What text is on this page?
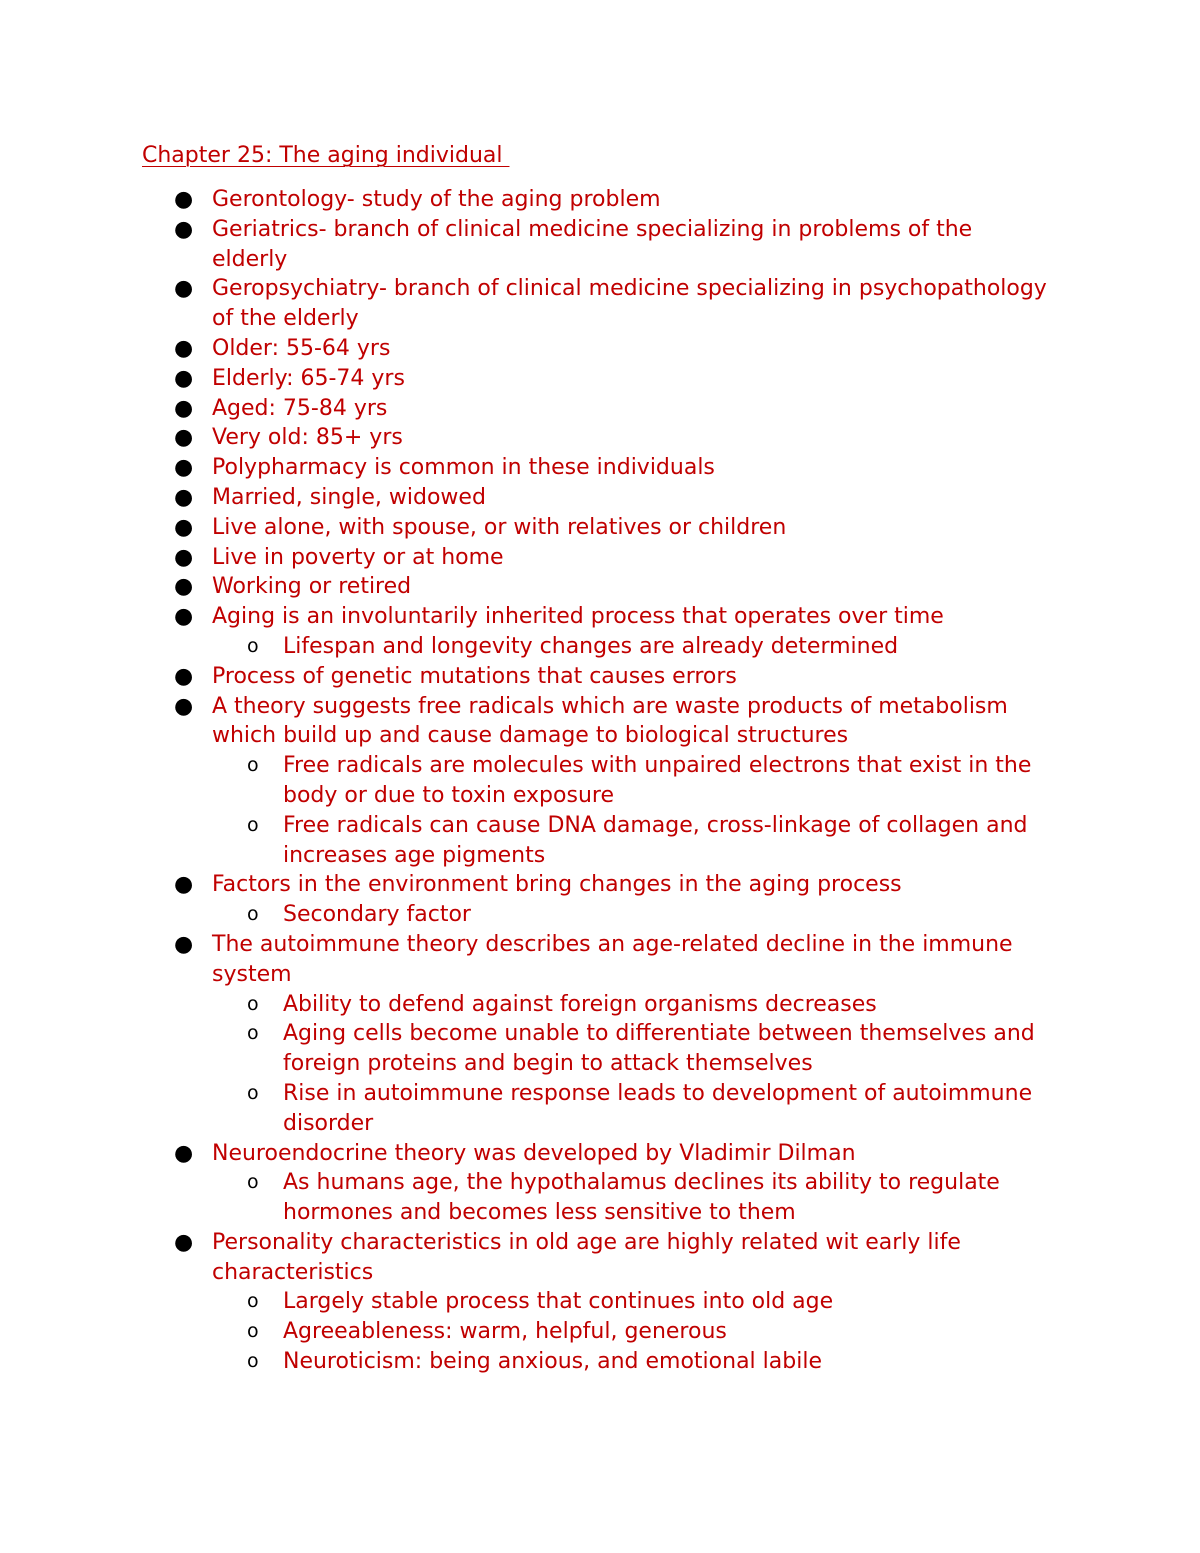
Chapter 25: The aging individual
● Gerontology- study of the aging problem
● Geriatrics- branch of clinical medicine specializing in problems of the elderly
● Geropsychiatry- branch of clinical medicine specializing in psychopathology of the elderly
● Older: 55-64 yrs
● Elderly: 65-74 yrs
● Aged: 75-84 yrs
● Very old: 85+ yrs
● Polypharmacy is common in these individuals
● Married, single, widowed
● Live alone, with spouse, or with relatives or children
● Live in poverty or at home
● Working or retired
● Aging is an involuntarily inherited process that operates over time
o Lifespan and longevity changes are already determined
● Process of genetic mutations that causes errors
● A theory suggests free radicals which are waste products of metabolism which build up and cause damage to biological structures
o Free radicals are molecules with unpaired electrons that exist in the body or due to toxin exposure
o Free radicals can cause DNA damage, cross-linkage of collagen and increases age pigments
● Factors in the environment bring changes in the aging process
o Secondary factor
● The autoimmune theory describes an age-related decline in the immune system
o Ability to defend against foreign organisms decreases
o Aging cells become unable to differentiate between themselves and foreign proteins and begin to attack themselves
o Rise in autoimmune response leads to development of autoimmune disorder
● Neuroendocrine theory was developed by Vladimir Dilman
o As humans age, the hypothalamus declines its ability to regulate hormones and becomes less sensitive to them
● Personality characteristics in old age are highly related wit early life characteristics
o Largely stable process that continues into old age
o Agreeableness: warm, helpful, generous
o Neuroticism: being anxious, and emotional labile
